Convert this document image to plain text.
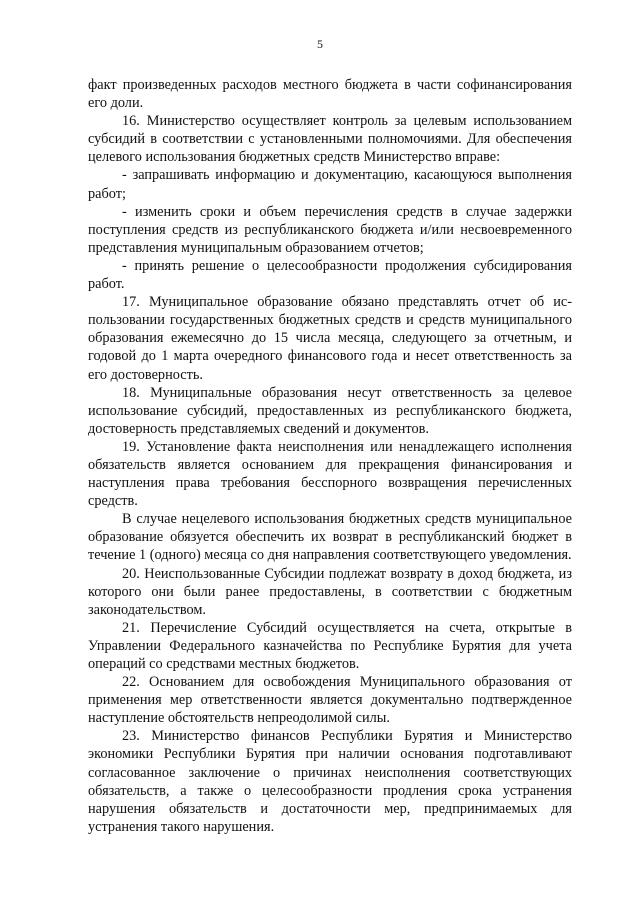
5

факт произведенных расходов местного бюджета в части софинансирования его доли.

16. Министерство осуществляет контроль за целевым использованием субсидий в соответствии с установленными полномочиями. Для обеспечения целевого использования бюджетных средств Министерство вправе:

- запрашивать информацию и документацию, касающуюся выполнения работ;

- изменить сроки и объем перечисления средств в случае задержки поступления средств из республиканского бюджета и/или несвоевременного представления муниципальным образованием отчетов;

- принять решение о целесообразности продолжения субсидирования работ.

17. Муниципальное образование обязано представлять отчет об использовании государственных бюджетных средств и средств муниципального образования ежемесячно до 15 числа месяца, следующего за отчетным, и годовой до 1 марта очередного финансового года и несет ответственность за его достоверность.

18. Муниципальные образования несут ответственность за целевое использование субсидий, предоставленных из республиканского бюджета, достоверность представляемых сведений и документов.

19. Установление факта неисполнения или ненадлежащего исполнения обязательств является основанием для прекращения финансирования и наступления права требования бесспорного возвращения перечисленных средств.

В случае нецелевого использования бюджетных средств муниципальное образование обязуется обеспечить их возврат в республиканский бюджет в течение 1 (одного) месяца со дня направления соответствующего уведомления.

20. Неиспользованные Субсидии подлежат возврату в доход бюджета, из которого они были ранее предоставлены, в соответствии с бюджетным законодательством.

21. Перечисление Субсидий осуществляется на счета, открытые в Управлении Федерального казначейства по Республике Бурятия для учета операций со средствами местных бюджетов.

22. Основанием для освобождения Муниципального образования от применения мер ответственности является документально подтвержденное наступление обстоятельств непреодолимой силы.

23. Министерство финансов Республики Бурятия и Министерство экономики Республики Бурятия при наличии основания подготавливают согласованное заключение о причинах неисполнения соответствующих обязательств, а также о целесообразности продления срока устранения нарушения обязательств и достаточности мер, предпринимаемых для устранения такого нарушения.
